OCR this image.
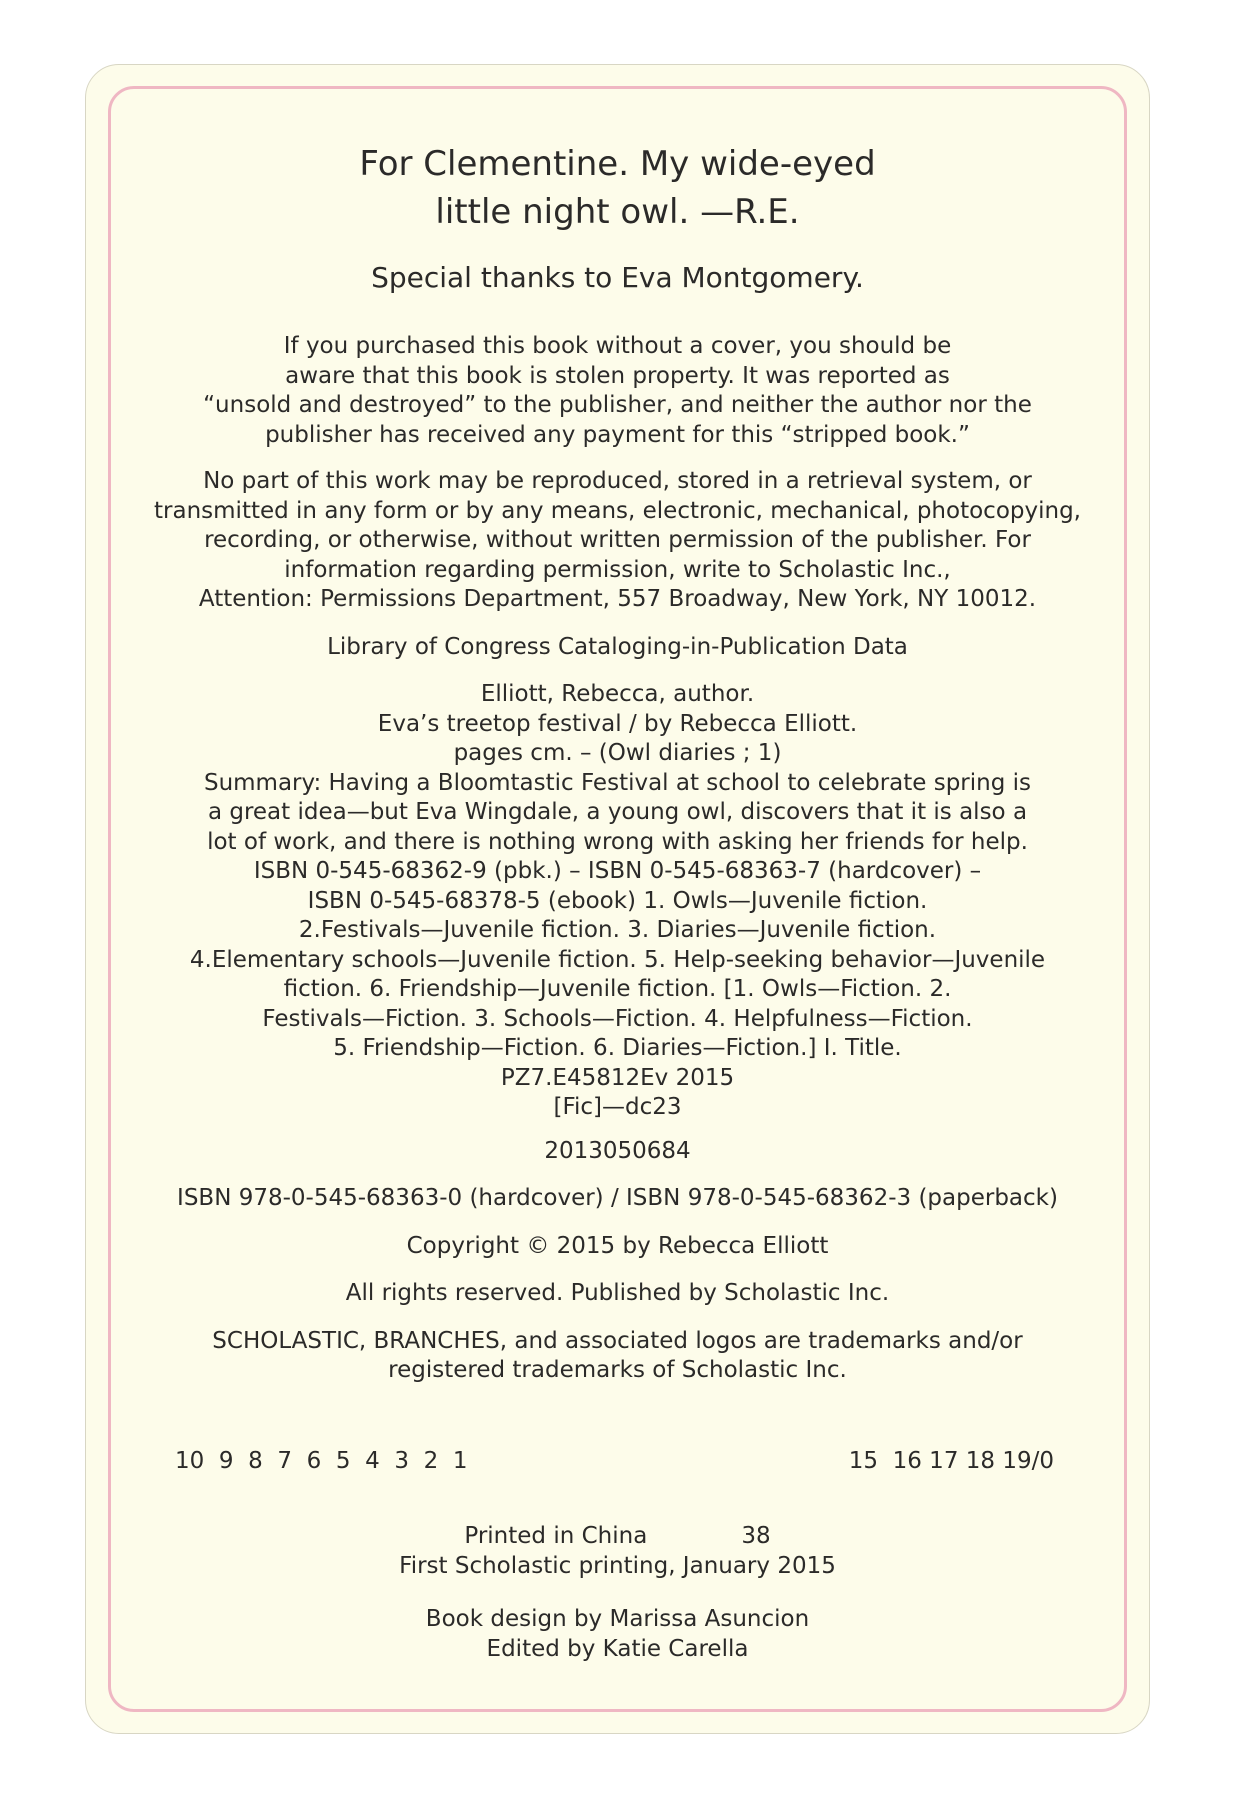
For Clementine. My wide-eyed
little night owl. —R.E.

Special thanks to Eva Montgomery.

If you purchased this book without a cover, you should be
aware that this book is stolen property. It was reported as
“unsold and destroyed” to the publisher, and neither the author nor the
publisher has received any payment for this “stripped book.”

No part of this work may be reproduced, stored in a retrieval system, or
transmitted in any form or by any means, electronic, mechanical, photocopying,
recording, or otherwise, without written permission of the publisher. For
information regarding permission, write to Scholastic Inc.,
Attention: Permissions Department, 557 Broadway, New York, NY 10012.

Library of Congress Cataloging-in-Publication Data

Elliott, Rebecca, author.
Eva’s treetop festival / by Rebecca Elliott.
pages cm. – (Owl diaries ; 1)
Summary: Having a Bloomtastic Festival at school to celebrate spring is
a great idea—but Eva Wingdale, a young owl, discovers that it is also a
lot of work, and there is nothing wrong with asking her friends for help.
ISBN 0-545-68362-9 (pbk.) – ISBN 0-545-68363-7 (hardcover) –
ISBN 0-545-68378-5 (ebook) 1. Owls—Juvenile fiction.
2.Festivals—Juvenile fiction. 3. Diaries—Juvenile fiction.
4.Elementary schools—Juvenile fiction. 5. Help-seeking behavior—Juvenile
fiction. 6. Friendship—Juvenile fiction. [1. Owls—Fiction. 2.
Festivals—Fiction. 3. Schools—Fiction. 4. Helpfulness—Fiction.
5. Friendship—Fiction. 6. Diaries—Fiction.] I. Title.
PZ7.E45812Ev 2015
[Fic]—dc23

2013050684

ISBN 978-0-545-68363-0 (hardcover) / ISBN 978-0-545-68362-3 (paperback)

Copyright © 2015 by Rebecca Elliott

All rights reserved. Published by Scholastic Inc.

SCHOLASTIC, BRANCHES, and associated logos are trademarks and/or
registered trademarks of Scholastic Inc.

10  9  8  7  6  5  4  3  2  1	15  16 17 18 19/0
Printed in China	38
First Scholastic printing, January 2015
Book design by Marissa Asuncion
Edited by Katie Carella
